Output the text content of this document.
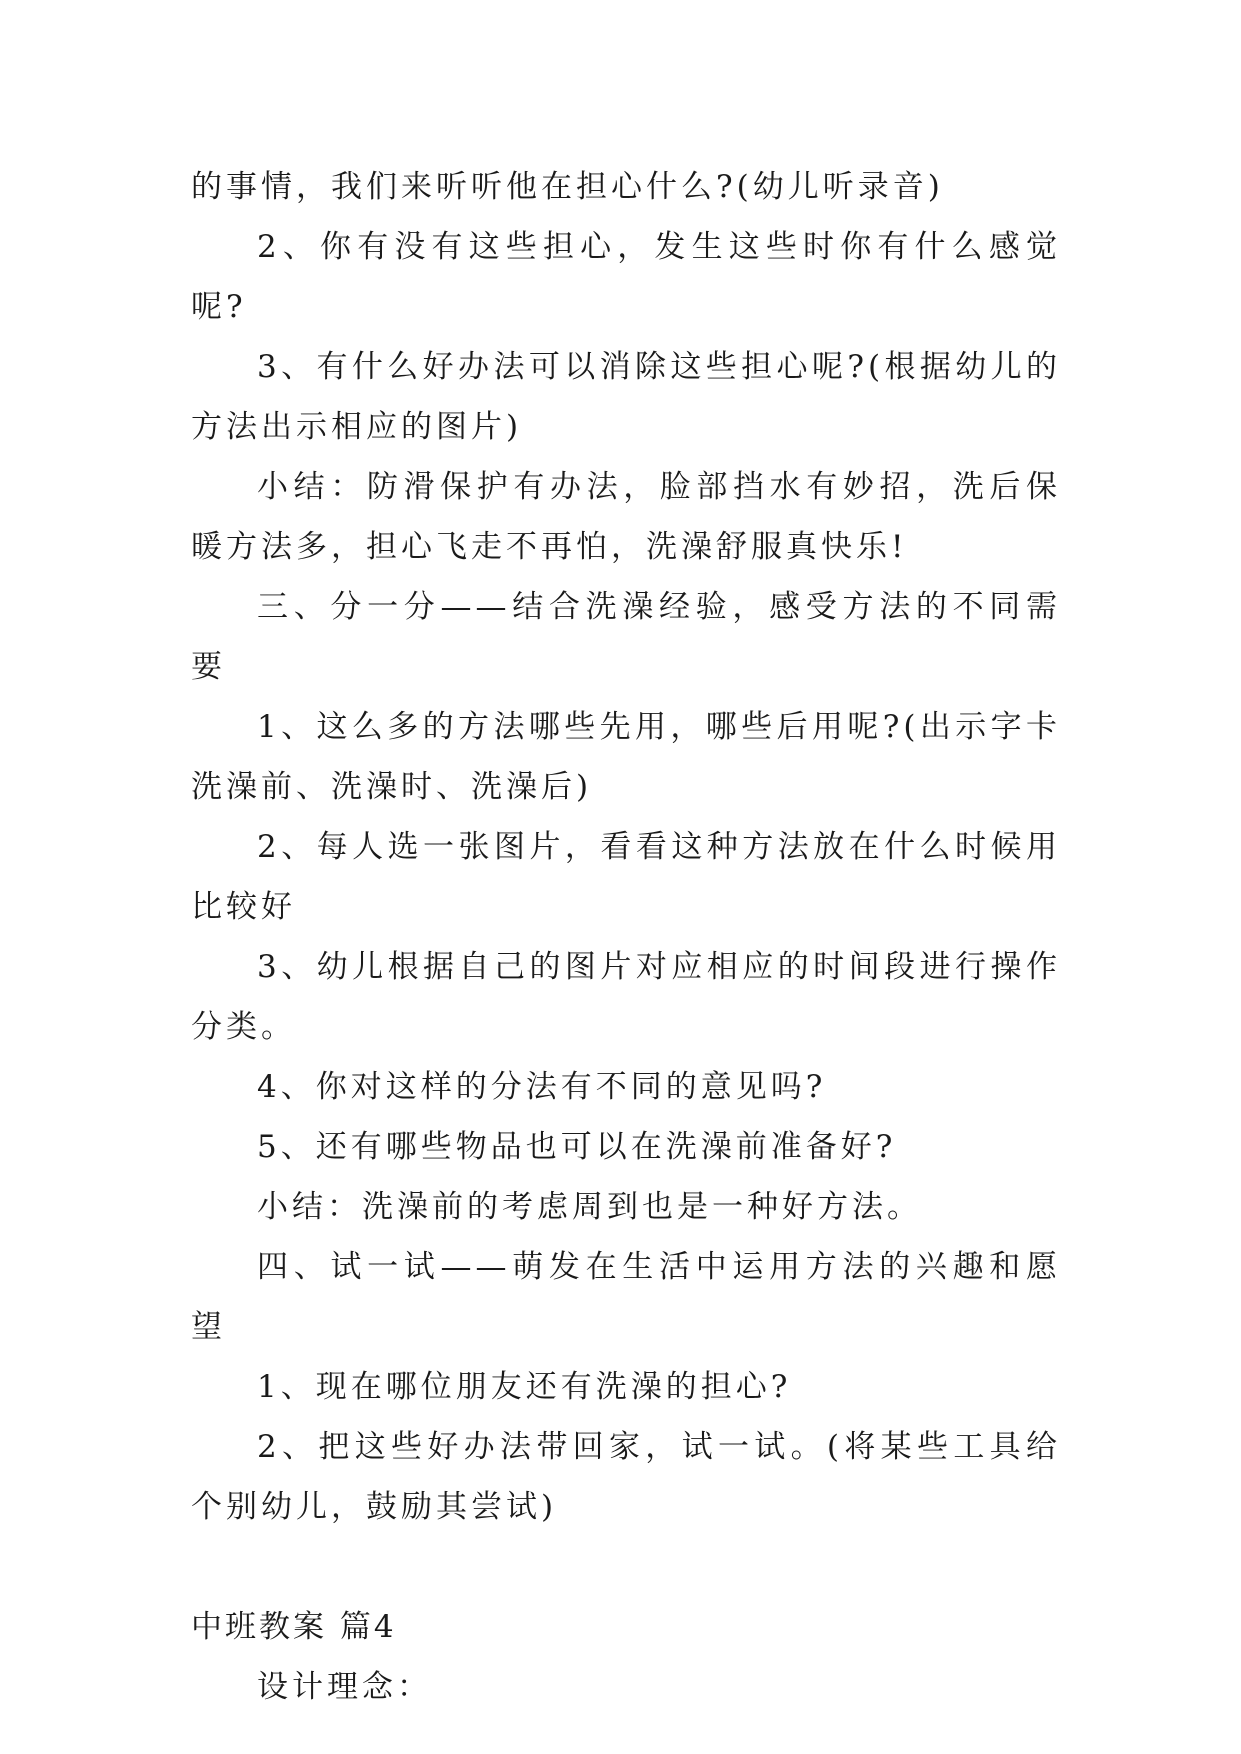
的事情，我们来听听他在担心什么?(幼儿听录音)

2、你有没有这些担心，发生这些时你有什么感觉呢?

3、有什么好办法可以消除这些担心呢?(根据幼儿的方法出示相应的图片)

小结：防滑保护有办法，脸部挡水有妙招，洗后保暖方法多，担心飞走不再怕，洗澡舒服真快乐!

三、分一分——结合洗澡经验，感受方法的不同需要

1、这么多的方法哪些先用，哪些后用呢?(出示字卡洗澡前、洗澡时、洗澡后)

2、每人选一张图片，看看这种方法放在什么时候用比较好

3、幼儿根据自己的图片对应相应的时间段进行操作分类。

4、你对这样的分法有不同的意见吗?

5、还有哪些物品也可以在洗澡前准备好?

小结：洗澡前的考虑周到也是一种好方法。

四、试一试——萌发在生活中运用方法的兴趣和愿望

1、现在哪位朋友还有洗澡的担心?

2、把这些好办法带回家，试一试。(将某些工具给个别幼儿，鼓励其尝试)

中班教案 篇4

设计理念：
